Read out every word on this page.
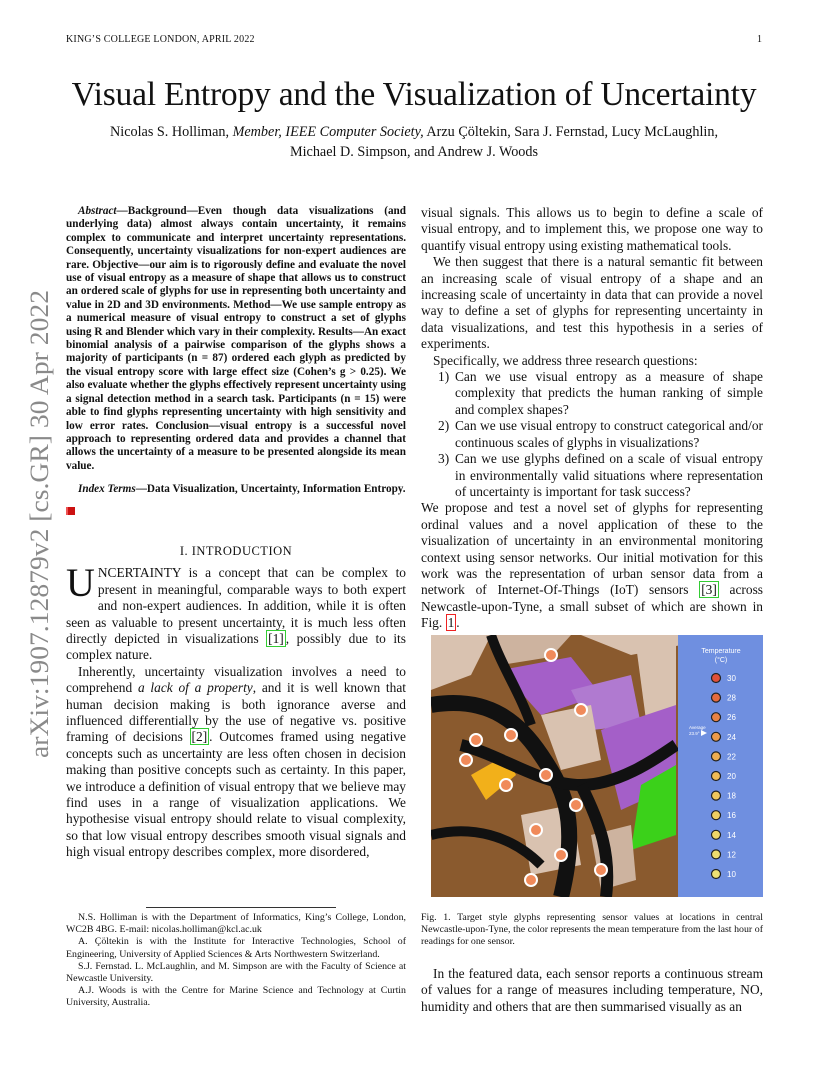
KING’S COLLEGE LONDON, APRIL 2022	1
arXiv:1907.12879v2 [cs.GR] 30 Apr 2022
Visual Entropy and the Visualization of Uncertainty
Nicolas S. Holliman, Member, IEEE Computer Society, Arzu Çöltekin, Sara J. Fernstad, Lucy McLaughlin,
Michael D. Simpson, and Andrew J. Woods

Abstract—Background—Even though data visualizations (and underlying data) almost always contain uncertainty, it remains complex to communicate and interpret uncertainty representations. Consequently, uncertainty visualizations for non-expert audiences are rare. Objective—our aim is to rigorously define and evaluate the novel use of visual entropy as a measure of shape that allows us to construct an ordered scale of glyphs for use in representing both uncertainty and value in 2D and 3D environments. Method—We use sample entropy as a numerical measure of visual entropy to construct a set of glyphs using R and Blender which vary in their complexity. Results—An exact binomial analysis of a pairwise comparison of the glyphs shows a majority of participants (n = 87) ordered each glyph as predicted by the visual entropy score with large effect size (Cohen’s g > 0.25). We also evaluate whether the glyphs effectively represent uncertainty using a signal detection method in a search task. Participants (n = 15) were able to find glyphs representing uncertainty with high sensitivity and low error rates. Conclusion—visual entropy is a successful novel approach to representing ordered data and provides a channel that allows the uncertainty of a measure to be presented alongside its mean value.

Index Terms—Data Visualization, Uncertainty, Information Entropy.

I. INTRODUCTION

UNCERTAINTY is a concept that can be complex to present in meaningful, comparable ways to both expert and non-expert audiences. In addition, while it is often seen as valuable to present uncertainty, it is much less often directly depicted in visualizations [1] , possibly due to its complex nature.

Inherently, uncertainty visualization involves a need to comprehend a lack of a property, and it is well known that human decision making is both ignorance averse and influenced differentially by the use of negative vs. positive framing of decisions [2] . Outcomes framed using negative concepts such as uncertainty are less often chosen in decision making than positive concepts such as certainty. In this paper, we introduce a definition of visual entropy that we believe may find uses in a range of visualization applications. We hypothesise visual entropy should relate to visual complexity, so that low visual entropy describes smooth visual signals and high visual entropy describes complex, more disordered,

N.S. Holliman is with the Department of Informatics, King’s College, London, WC2B 4BG. E-mail: nicolas.holliman@kcl.ac.uk

A. Çöltekin is with the Institute for Interactive Technologies, School of Engineering, University of Applied Sciences & Arts Northwestern Switzerland.

S.J. Fernstad. L. McLaughlin, and M. Simpson are with the Faculty of Science at Newcastle University.

A.J. Woods is with the Centre for Marine Science and Technology at Curtin University, Australia.

visual signals. This allows us to begin to define a scale of visual entropy, and to implement this, we propose one way to quantify visual entropy using existing mathematical tools.

We then suggest that there is a natural semantic fit between an increasing scale of visual entropy of a shape and an increasing scale of uncertainty in data that can provide a novel way to define a set of glyphs for representing uncertainty in data visualizations, and test this hypothesis in a series of experiments.

Specifically, we address three research questions:

1) Can we use visual entropy as a measure of shape complexity that predicts the human ranking of simple and complex shapes?
2) Can we use visual entropy to construct categorical and/or continuous scales of glyphs in visualizations?
3) Can we use glyphs defined on a scale of visual entropy in environmentally valid situations where representation of uncertainty is important for task success?

We propose and test a novel set of glyphs for representing ordinal values and a novel application of these to the visualization of uncertainty in an environmental monitoring context using sensor networks. Our initial motivation for this work was the representation of urban sensor data from a network of Internet-Of-Things (IoT) sensors [3] across Newcastle-upon-Tyne, a small subset of which are shown in Fig. 1 .

Temperature
(°C)
Average
23.9°
30
28
26
24
22
20
18
16
14
12
10
Fig. 1. Target style glyphs representing sensor values at locations in central Newcastle-upon-Tyne, the color represents the mean temperature from the last hour of readings for one sensor.
In the featured data, each sensor reports a continuous stream of values for a range of measures including temperature, NO, humidity and others that are then summarised visually as an
